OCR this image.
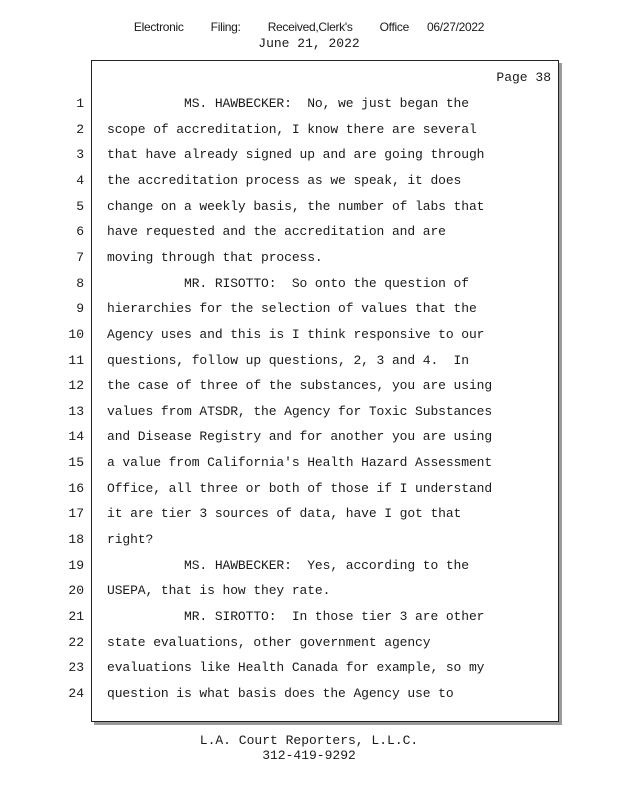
Electronic   Filing:   Received,Clerk's   Office  06/27/2022
June 21, 2022
Page 38
1 MS. HAWBECKER:  No, we just began the
2 scope of accreditation, I know there are several
3 that have already signed up and are going through
4 the accreditation process as we speak, it does
5 change on a weekly basis, the number of labs that
6 have requested and the accreditation and are
7 moving through that process.
8 MR. RISOTTO:  So onto the question of
9 hierarchies for the selection of values that the
10 Agency uses and this is I think responsive to our
11 questions, follow up questions, 2, 3 and 4.  In
12 the case of three of the substances, you are using
13 values from ATSDR, the Agency for Toxic Substances
14 and Disease Registry and for another you are using
15 a value from California's Health Hazard Assessment
16 Office, all three or both of those if I understand
17 it are tier 3 sources of data, have I got that
18 right?
19 MS. HAWBECKER:  Yes, according to the
20 USEPA, that is how they rate.
21 MR. SIROTTO:  In those tier 3 are other
22 state evaluations, other government agency
23 evaluations like Health Canada for example, so my
24 question is what basis does the Agency use to
L.A. Court Reporters, L.L.C.
312-419-9292
